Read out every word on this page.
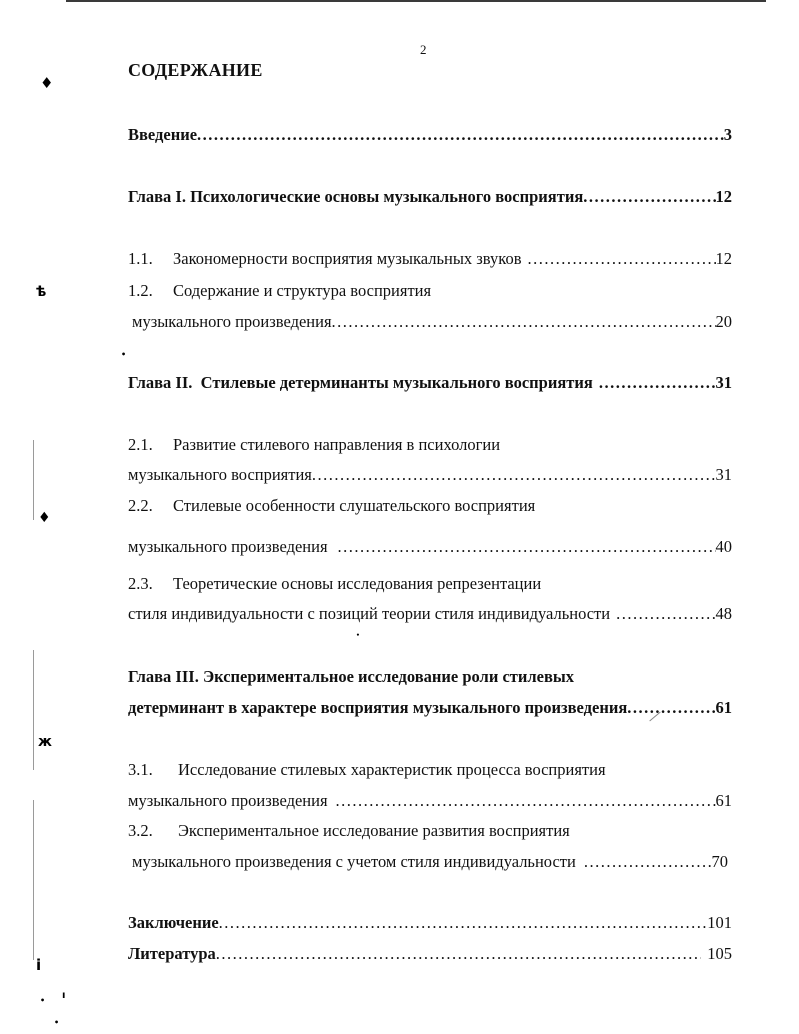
♦
ѣ
•
♦
ж
i
• ı
•
•
2
СОДЕРЖАНИЕ
Введение .....	3
Глава I. Психологические основы музыкального восприятия .....	12
1.1. Закономерности восприятия музыкальных звуков .....	12
1.2. Содержание и структура восприятия
музыкального произведения .....	20
Глава II.  Стилевые детерминанты музыкального восприятия .....	31
2.1. Развитие стилевого направления в психологии
музыкального восприятия .....	31
2.2. Стилевые особенности слушательского восприятия
музыкального произведения .....	40
2.3. Теоретические основы исследования репрезентации
стиля индивидуальности с позиций теории стиля индивидуальности .....	48
Глава III. Экспериментальное исследование роли стилевых
детерминант в характере восприятия музыкального произведения .....	61
3.1. Исследование стилевых характеристик процесса восприятия
музыкального произведения .....	61
3.2. Экспериментальное исследование развития восприятия
музыкального произведения с учетом стиля индивидуальности .....	70
Заключение .....	101
Литература .....	105
